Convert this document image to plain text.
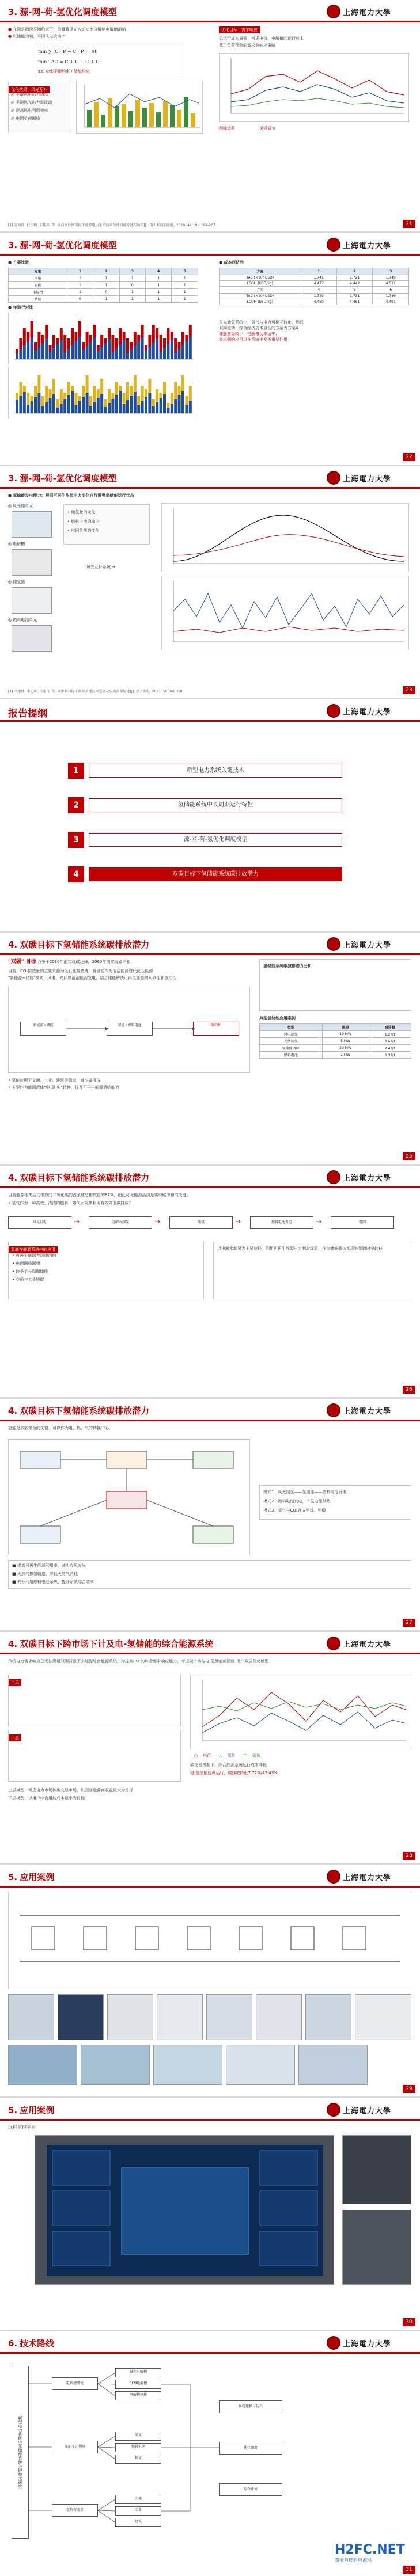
3. 源-网-荷-氢优化调度模型	上海電力大學
● 在满足源荷平衡约束下，尽量将风光波动功率分解给电解槽消纳
● 以储能为辅，平抑风电波动率
min ∑ (C · P − C · P ) · Δt
min TAC = C + C + C + C
s.t. 功率平衡约束 / 储能约束
优化结果：风光互补
◎ 平滑风电出力功率
◎ 平抑风光出力率波动
◎ 提高风电利用效率
◎ 电网负荷调峰
优化目标：需求响应
总运行成本最低：考虑电价、电解槽的运行成本
基于负荷预测的需求侧响应策略
削峰填谷	灵活调节
[1] 姜海洋, 杜尔顺, 朱桂萍, 等. 面向高比例可再生能源电力系统的季节性储能综述与展望[J]. 电力系统自动化, 2020, 44(19): 194-207.	21
3. 源-网-荷-氢优化调度模型	上海電力大學
● 方案比较
方案	1	2	3	4	5
风电	1	1	1	1	1
光伏	1	1	0	1	1
电解槽	1	0	1	1	1
储能	0	1	1	1	1
● 年运行对比
● 成本经济性
方案	1	2	3
TAC (×10⁸ USD)	1.741	1.721	1.749
LCOH (USD/kg)	4.477	4.442	4.511
方案	4	5	6
TAC (×10⁸ USD)	1.729	1.731	1.746
LCOH (USD/kg)	4.450	4.461	4.491
风光储氢系统中，氢气与电力可相互转化，形成
双向流动，综合经济成本最低的方案为方案4
储能容量较小；电解槽功率适中；
需求侧响应可以在系统中发挥重要作用
22
3. 源-网-荷-氢优化调度模型	上海電力大學
● 氢储能发电能力：根据可再生能源出力变化自行调整氢储能运行状态
◎ 风光储单元
◎ 电解槽
◎ 储氢罐
◎ 燃料电池单元
• 储氢量的变化
• 燃料电池的输出
• 电网负荷的变化
风光互补系统 →
[1] 李建林, 李光辉, 马速良, 等. 碳中和目标下制氢关键技术进展及发展前景综述[J]. 热力发电, 2021, 50(06): 1-8.	23
报告提纲	上海電力大學
1	新型电力系统关键技术
2	氢储能系统中长周期运行特性
3	源-网-荷-氢优化调度模型
4	双碳目标下氢储能系统碳排放潜力
4. 双碳目标下氢储能系统碳排放潜力	上海電力大學
"双碳" 目标 力争于2030年前实现碳达峰，2060年前实现碳中和
目前，CO₂排放量的主要来源为化石能源燃烧，将氢能作为清洁能源替代化石能源
"新能源+储能"模式：风电、光伏等清洁能源发电，结合储能解决可再生能源的间歇性和波动性
新能源+储能	氢能+燃料电池	碳中和
• 氢能应用于交通、工业、建筑等领域，减少碳排放
• 主要作为能源载体"电-氢-电"转换，提升可再生能源消纳能力
氢储能系统碳减排潜力分析
典型氢储能应用案例
类型	规模	减排量
风电制氢	10 MW	1.2万t
光伏制氢	5 MW	0.6万t
氢储能调峰	20 MW	2.4万t
燃料电池	2 MW	0.3万t
25
4. 双碳目标下氢储能系统碳排放潜力	上海電力大學
目前能源相关活动排放的二氧化碳约占全球总排放量的87%，由此可见能源活动是实现碳中和的关键。
• 氢气作为一种高效、清洁的燃料，如何大规模利用有效降低碳排放？
风光发电	→	电解水制氢	→	储氢	→	燃料电池发电	→	电网
氢能在能源系统中的应用
• 可再生能源大规模消纳
• 电网调峰调频
• 跨季节长周期储能
• 交通与工业脱碳
以电解水制氢为主要途径，利用可再生能源电力制取绿氢，作为储能载体实现能源跨时空转移
26
4. 双碳目标下氢储能系统碳排放潜力	上海電力大學
氢能是多能耦合的关键，可以作为电、热、气的转换中心。
模式1：风光制氢——氢储能——燃料电池发电
模式2：燃料电池发电，产生电能供热
模式3：氢气与CO₂合成甲烷、甲醇
■ 提高可再生能源利用率，减少弃风弃光
■ 天然气掺氢输送，降低天然气消耗
■ 充分利用燃料电池余热，提升系统综合效率
27
4. 双碳目标下跨市场下计及电-氢储能的综合能源系统	上海電力大學
传统电力需求响应已无法满足双碳背景下多能源综合能源系统，为提高ESE的综合需求响应能力，考虑碳市场与电-氢储能的园区-用户双层优化模型
上层
下层
—○— 电价 —△— 氢价 —□— 碳价
碳交易机制下，综合能源系统运行成本降低
电-氢储能协调运行，碳排放降低7.72%/47.43%
上层模型：考虑电力市场和碳交易市场，以园区运营商收益最大为目标
下层模型：以用户综合用能成本最小为目标
28
5. 应用案例	上海電力大學
29
5. 应用案例	上海電力大學
远程监控平台
30
6. 技术路线	上海電力大學
新型电力系统中氢储能系统关键技术研究
电解槽研究
碱性电解槽
PEM电解槽
电解槽建模
氢能多元利用
储氢
燃料电池
掺氢
氢负荷需求
交通
工业
建筑
系统建模与仿真
优化调度
综合评价
H2FC.NET
氢能与燃料电池网
31
